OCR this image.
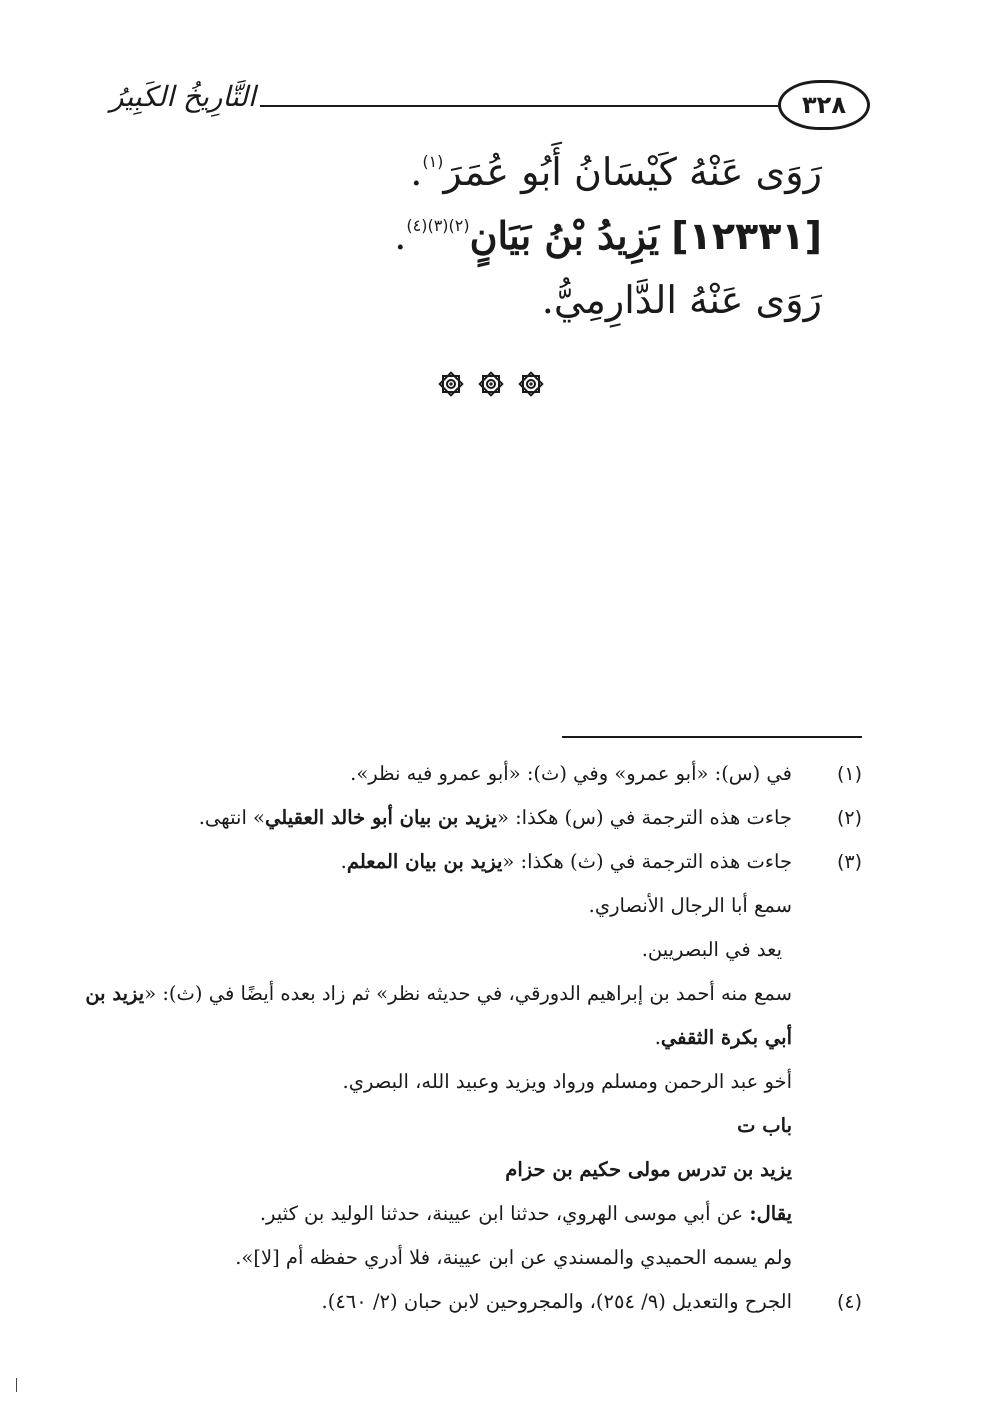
التَّارِيخُ الكَبِيرُ	٣٢٨
رَوَى عَنْهُ كَيْسَانُ أَبُو عُمَرَ$^{(١)}$.
[١٢٣٣١] يَزِيدُ بْنُ بَيَانٍ$^{(٢)(٣)(٤)}$.
رَوَى عَنْهُ الدَّارِمِيُّ.
(١)
في (س): «أبو عمرو» وفي (ث): «أبو عمرو فيه نظر».
(٢)
جاءت هذه الترجمة في (س) هكذا: «يزيد بن بيان أبو خالد العقيلي» انتهى.
(٣)
جاءت هذه الترجمة في (ث) هكذا: «يزيد بن بيان المعلم.
سمع أبا الرجال الأنصاري.
يعد في البصريين.
سمع منه أحمد بن إبراهيم الدورقي، في حديثه نظر» ثم زاد بعده أيضًا في (ث): «يزيد بن
أبي بكرة الثقفي.
أخو عبد الرحمن ومسلم ورواد ويزيد وعبيد الله، البصري.
باب ت
يزيد بن تدرس مولى حكيم بن حزام
يقال: عن أبي موسى الهروي، حدثنا ابن عيينة، حدثنا الوليد بن كثير.
ولم يسمه الحميدي والمسندي عن ابن عيينة، فلا أدري حفظه أم [لا]».
(٤)
الجرح والتعديل (٩/ ٢٥٤)، والمجروحين لابن حبان (٢/ ٤٦٠).
